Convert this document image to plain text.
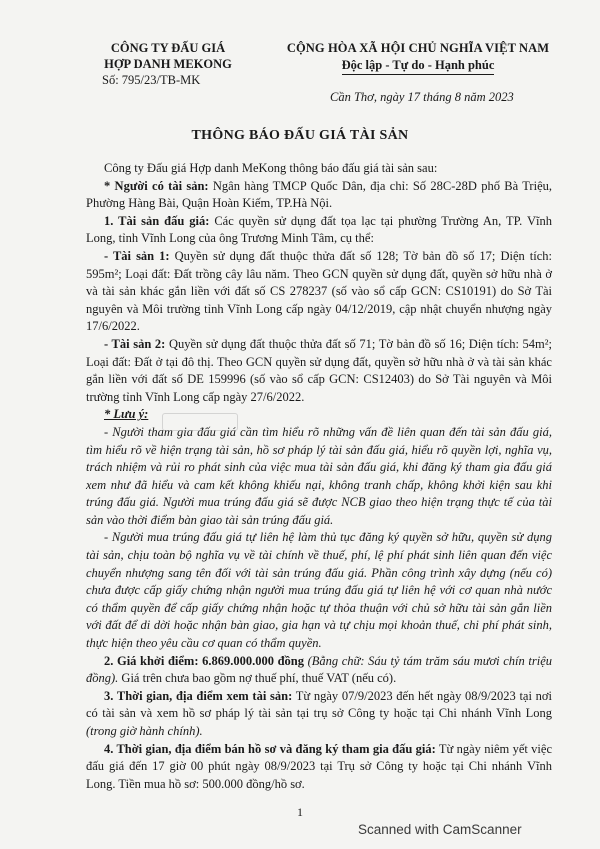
CÔNG TY ĐẤU GIÁ
HỢP DANH MEKONG
Số: 795/23/TB-MK
CỘNG HÒA XÃ HỘI CHỦ NGHĨA VIỆT NAM
Độc lập - Tự do - Hạnh phúc
Cần Thơ, ngày 17 tháng 8 năm 2023
THÔNG BÁO ĐẤU GIÁ TÀI SẢN

Công ty Đấu giá Hợp danh MeKong thông báo đấu giá tài sản sau:

* Người có tài sản: Ngân hàng TMCP Quốc Dân, địa chỉ: Số 28C-28D phố Bà Triệu, Phường Hàng Bài, Quận Hoàn Kiếm, TP.Hà Nội.

1. Tài sản đấu giá: Các quyền sử dụng đất tọa lạc tại phường Trường An, TP. Vĩnh Long, tỉnh Vĩnh Long của ông Trương Minh Tâm, cụ thể:

- Tài sản 1: Quyền sử dụng đất thuộc thửa đất số 128; Tờ bản đồ số 17; Diện tích: 595m²; Loại đất: Đất trồng cây lâu năm. Theo GCN quyền sử dụng đất, quyền sở hữu nhà ở và tài sản khác gắn liền với đất số CS 278237 (số vào sổ cấp GCN: CS10191) do Sở Tài nguyên và Môi trường tỉnh Vĩnh Long cấp ngày 04/12/2019, cập nhật chuyển nhượng ngày 17/6/2022.

- Tài sản 2: Quyền sử dụng đất thuộc thửa đất số 71; Tờ bản đồ số 16; Diện tích: 54m²; Loại đất: Đất ở tại đô thị. Theo GCN quyền sử dụng đất, quyền sở hữu nhà ở và tài sản khác gắn liền với đất số DE 159996 (số vào sổ cấp GCN: CS12403) do Sở Tài nguyên và Môi trường tỉnh Vĩnh Long cấp ngày 27/6/2022.

* Lưu ý:

- Người tham gia đấu giá cần tìm hiểu rõ những vấn đề liên quan đến tài sản đấu giá, tìm hiểu rõ về hiện trạng tài sản, hồ sơ pháp lý tài sản đấu giá, hiểu rõ quyền lợi, nghĩa vụ, trách nhiệm và rủi ro phát sinh của việc mua tài sản đấu giá, khi đăng ký tham gia đấu giá xem như đã hiểu và cam kết không khiếu nại, không tranh chấp, không khởi kiện sau khi trúng đấu giá. Người mua trúng đấu giá sẽ được NCB giao theo hiện trạng thực tế của tài sản vào thời điểm bàn giao tài sản trúng đấu giá.

- Người mua trúng đấu giá tự liên hệ làm thủ tục đăng ký quyền sở hữu, quyền sử dụng tài sản, chịu toàn bộ nghĩa vụ về tài chính về thuế, phí, lệ phí phát sinh liên quan đến việc chuyển nhượng sang tên đối với tài sản trúng đấu giá. Phần công trình xây dựng (nếu có) chưa được cấp giấy chứng nhận người mua trúng đấu giá tự liên hệ với cơ quan nhà nước có thẩm quyền để cấp giấy chứng nhận hoặc tự thỏa thuận với chủ sở hữu tài sản gắn liền với đất để di dời hoặc nhận bàn giao, gia hạn và tự chịu mọi khoản thuế, chi phí phát sinh, thực hiện theo yêu cầu cơ quan có thẩm quyền.

2. Giá khởi điểm: 6.869.000.000 đồng (Bằng chữ: Sáu tỷ tám trăm sáu mươi chín triệu đồng). Giá trên chưa bao gồm nợ thuế phí, thuế VAT (nếu có).

3. Thời gian, địa điểm xem tài sản: Từ ngày 07/9/2023 đến hết ngày 08/9/2023 tại nơi có tài sản và xem hồ sơ pháp lý tài sản tại trụ sở Công ty hoặc tại Chi nhánh Vĩnh Long (trong giờ hành chính).

4. Thời gian, địa điểm bán hồ sơ và đăng ký tham gia đấu giá: Từ ngày niêm yết việc đấu giá đến 17 giờ 00 phút ngày 08/9/2023 tại Trụ sở Công ty hoặc tại Chi nhánh Vĩnh Long. Tiền mua hồ sơ: 500.000 đồng/hồ sơ.

1
Scanned with CamScanner
